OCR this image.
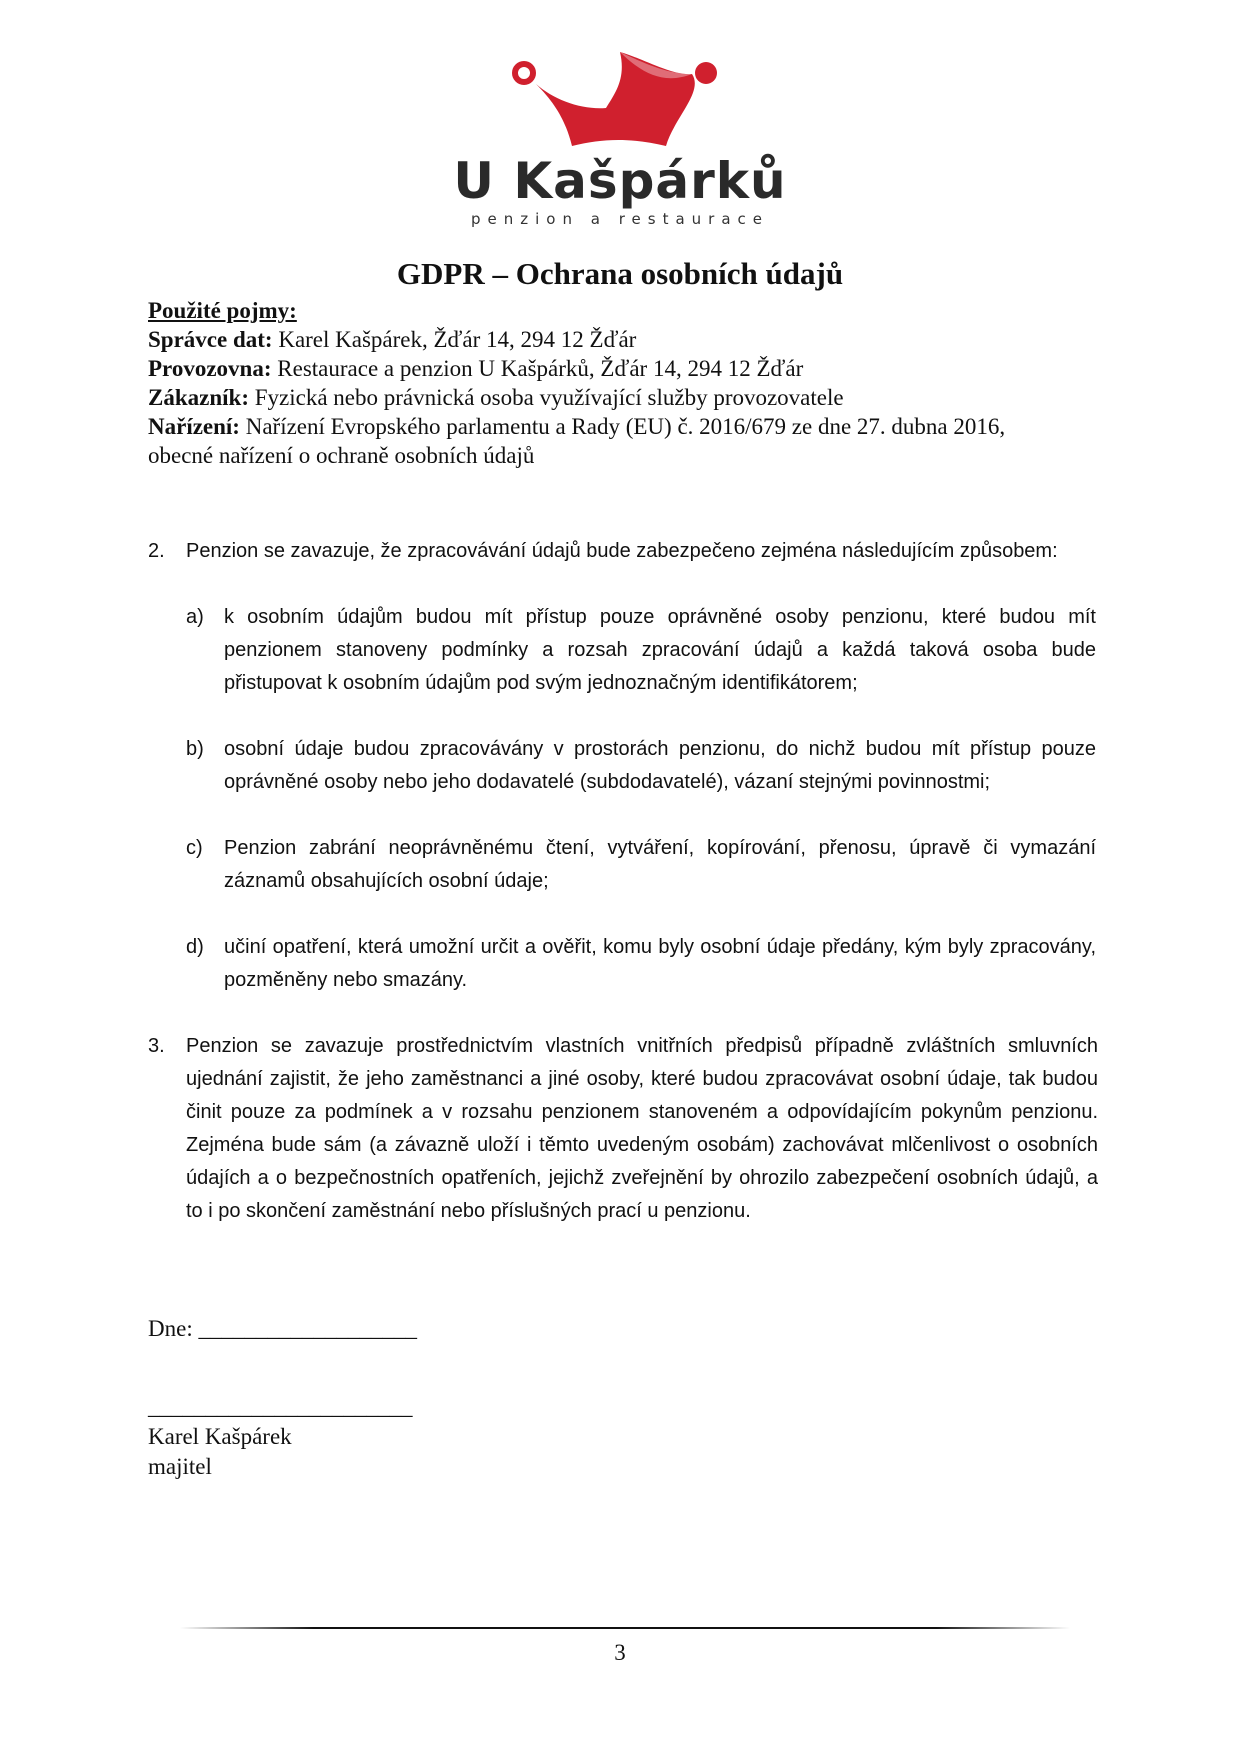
U Kašpárků
penzion a restaurace
GDPR – Ochrana osobních údajů
Použité pojmy:
Správce dat: Karel Kašpárek, Žďár 14, 294 12 Žďár
Provozovna: Restaurace a penzion U Kašpárků, Žďár 14, 294 12 Žďár
Zákazník: Fyzická nebo právnická osoba využívající služby provozovatele
Nařízení: Nařízení Evropského parlamentu a Rady (EU) č. 2016/679 ze dne 27. dubna 2016,
obecné nařízení o ochraně osobních údajů
2. Penzion se zavazuje, že zpracovávání údajů bude zabezpečeno zejména následujícím způsobem:
a) k osobním údajům budou mít přístup pouze oprávněné osoby penzionu, které budou mít penzionem stanoveny podmínky a rozsah zpracování údajů a každá taková osoba bude přistupovat k osobním údajům pod svým jednoznačným identifikátorem;
b) osobní údaje budou zpracovávány v prostorách penzionu, do nichž budou mít přístup pouze oprávněné osoby nebo jeho dodavatelé (subdodavatelé), vázaní stejnými povinnostmi;
c) Penzion zabrání neoprávněnému čtení, vytváření, kopírování, přenosu, úpravě či vymazání záznamů obsahujících osobní údaje;
d) učiní opatření, která umožní určit a ověřit, komu byly osobní údaje předány, kým byly zpracovány, pozměněny nebo smazány.
3. Penzion se zavazuje prostřednictvím vlastních vnitřních předpisů případně zvláštních smluvních ujednání zajistit, že jeho zaměstnanci a jiné osoby, které budou zpracovávat osobní údaje, tak budou činit pouze za podmínek a v rozsahu penzionem stanoveném a odpovídajícím pokynům penzionu. Zejména bude sám (a závazně uloží i těmto uvedeným osobám) zachovávat mlčenlivost o osobních údajích a o bezpečnostních opatřeních, jejichž zveřejnění by ohrozilo zabezpečení osobních údajů, a to i po skončení zaměstnání nebo příslušných prací u penzionu.
Dne: ___________________
_______________________
Karel Kašpárek
majitel
3
